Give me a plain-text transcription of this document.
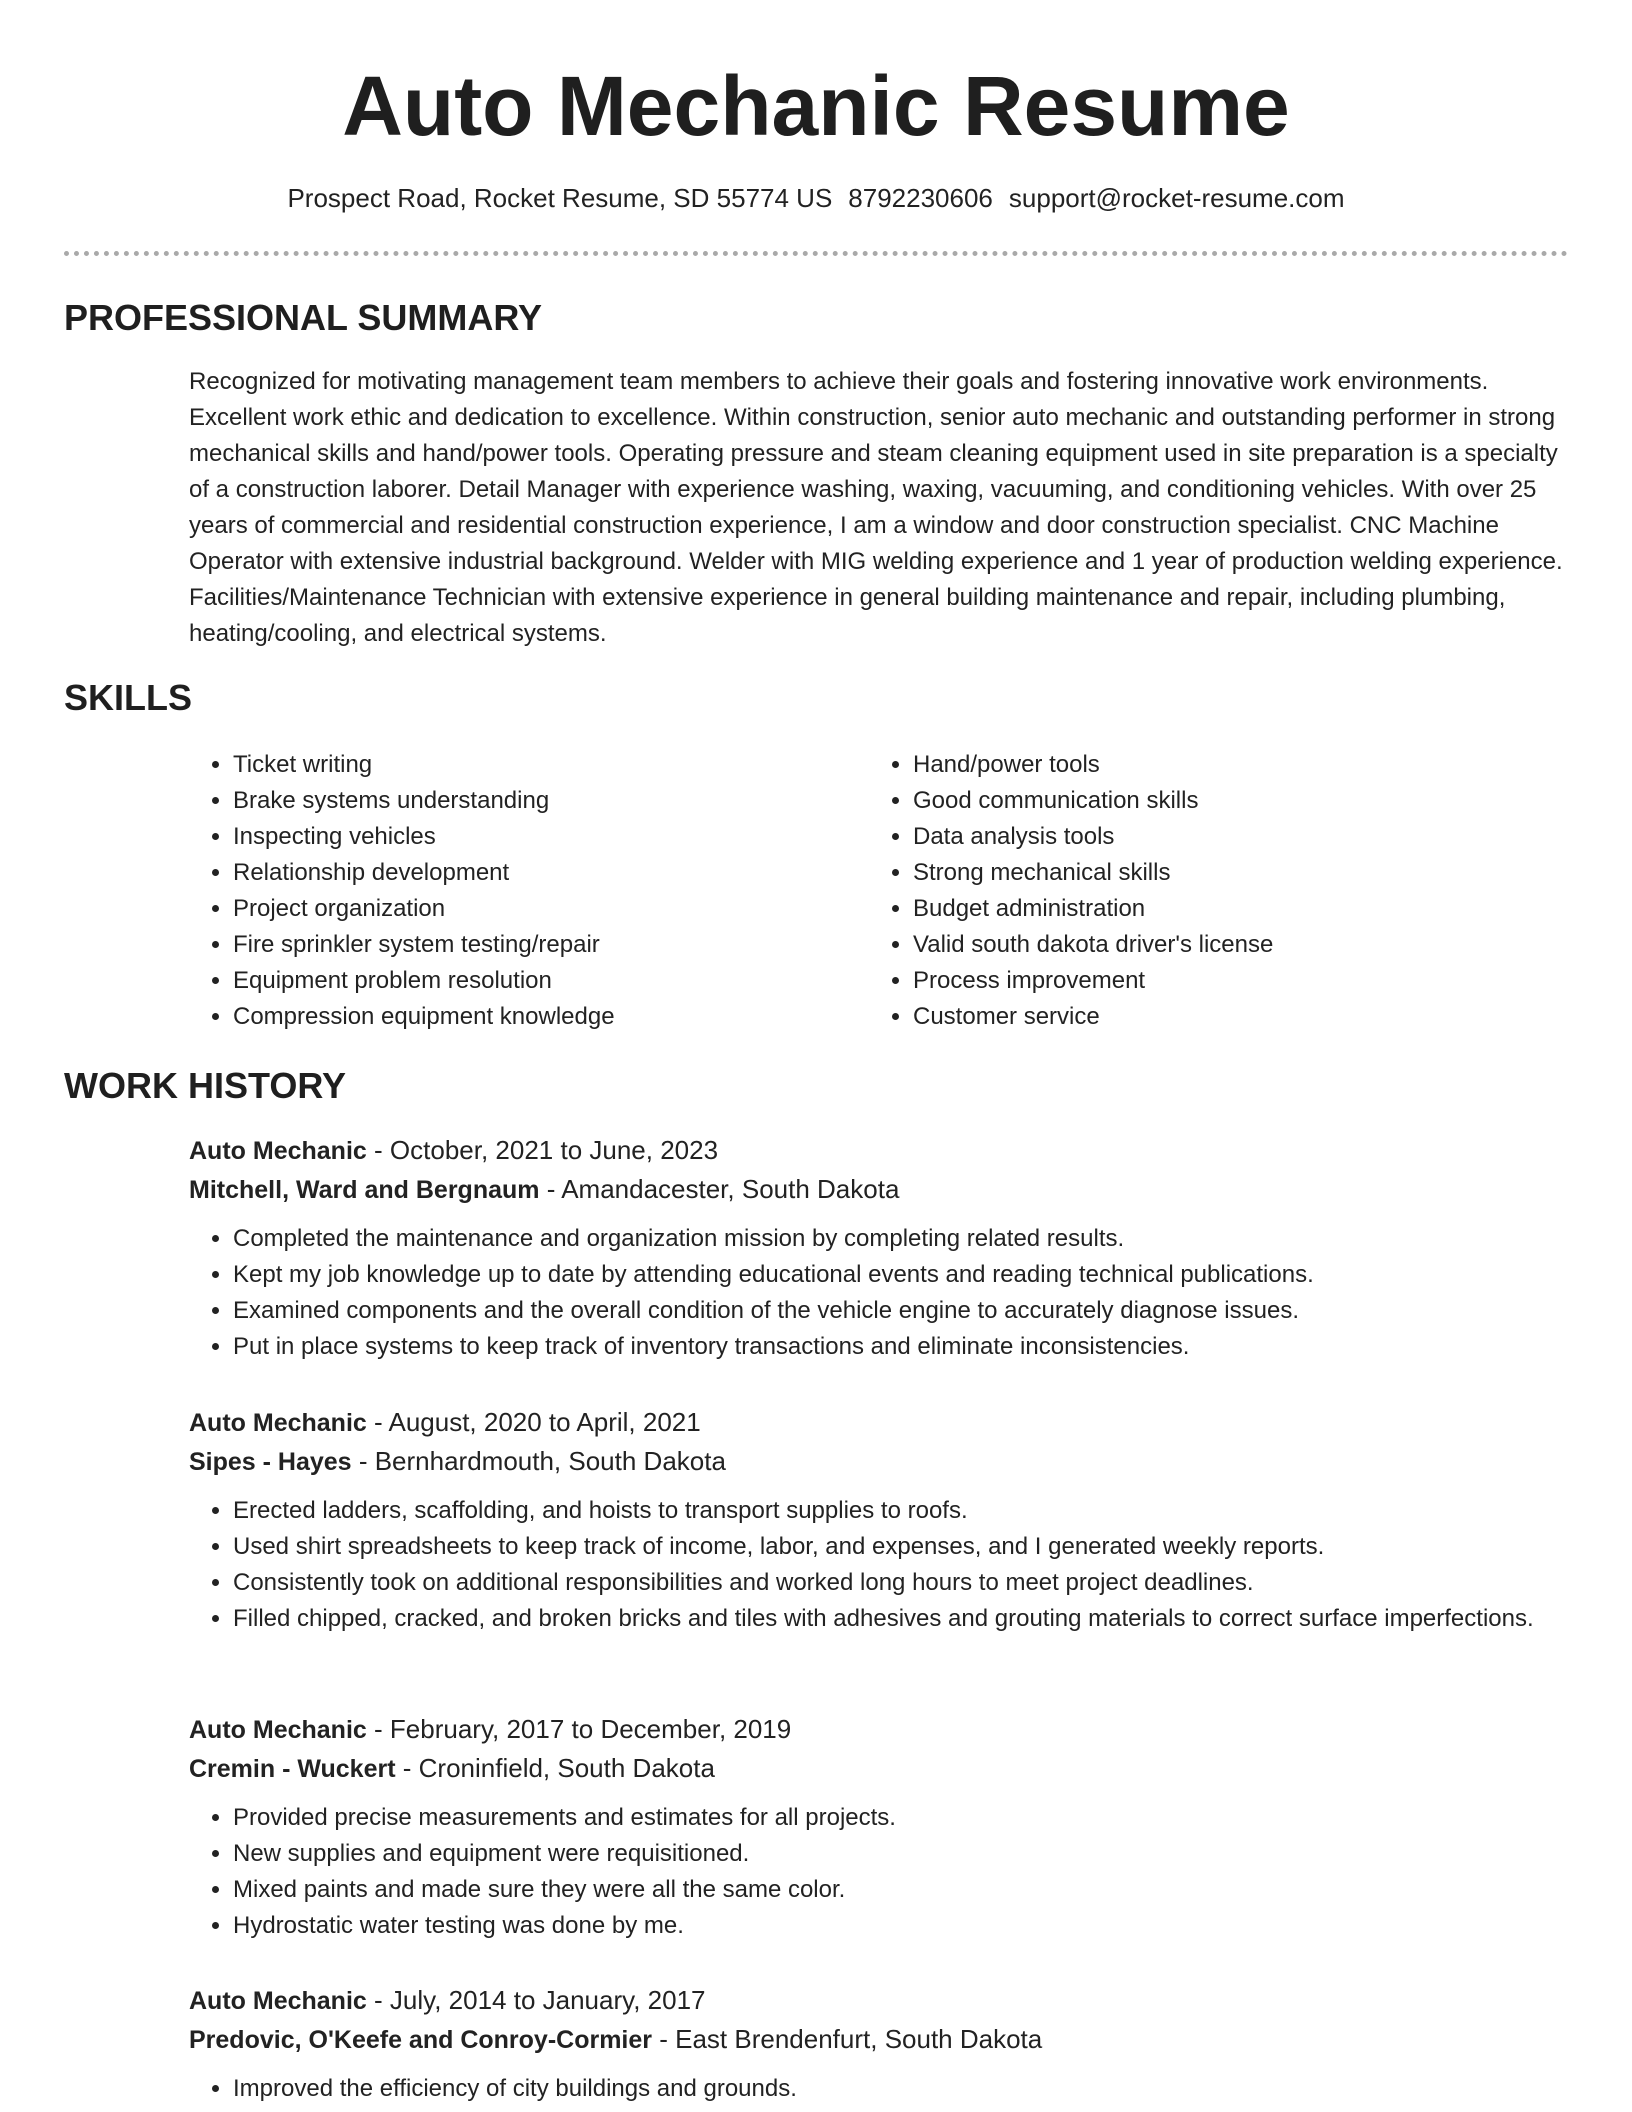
Auto Mechanic Resume
Prospect Road, Rocket Resume, SD 55774 US 8792230606 support@rocket-resume.com
PROFESSIONAL SUMMARY
Recognized for motivating management team members to achieve their goals and fostering innovative work environments. Excellent work ethic and dedication to excellence. Within construction, senior auto mechanic and outstanding performer in strong mechanical skills and hand/power tools. Operating pressure and steam cleaning equipment used in site preparation is a specialty of a construction laborer. Detail Manager with experience washing, waxing, vacuuming, and conditioning vehicles. With over 25 years of commercial and residential construction experience, I am a window and door construction specialist. CNC Machine Operator with extensive industrial background. Welder with MIG welding experience and 1 year of production welding experience. Facilities/Maintenance Technician with extensive experience in general building maintenance and repair, including plumbing, heating/cooling, and electrical systems.
SKILLS
• Ticket writing
• Brake systems understanding
• Inspecting vehicles
• Relationship development
• Project organization
• Fire sprinkler system testing/repair
• Equipment problem resolution
• Compression equipment knowledge
• Hand/power tools
• Good communication skills
• Data analysis tools
• Strong mechanical skills
• Budget administration
• Valid south dakota driver's license
• Process improvement
• Customer service
WORK HISTORY
Auto Mechanic - October, 2021 to June, 2023
Mitchell, Ward and Bergnaum - Amandacester, South Dakota
• Completed the maintenance and organization mission by completing related results.
• Kept my job knowledge up to date by attending educational events and reading technical publications.
• Examined components and the overall condition of the vehicle engine to accurately diagnose issues.
• Put in place systems to keep track of inventory transactions and eliminate inconsistencies.
Auto Mechanic - August, 2020 to April, 2021
Sipes - Hayes - Bernhardmouth, South Dakota
• Erected ladders, scaffolding, and hoists to transport supplies to roofs.
• Used shirt spreadsheets to keep track of income, labor, and expenses, and I generated weekly reports.
• Consistently took on additional responsibilities and worked long hours to meet project deadlines.
• Filled chipped, cracked, and broken bricks and tiles with adhesives and grouting materials to correct surface imperfections.
Auto Mechanic - February, 2017 to December, 2019
Cremin - Wuckert - Croninfield, South Dakota
• Provided precise measurements and estimates for all projects.
• New supplies and equipment were requisitioned.
• Mixed paints and made sure they were all the same color.
• Hydrostatic water testing was done by me.
Auto Mechanic - July, 2014 to January, 2017
Predovic, O'Keefe and Conroy-Cormier - East Brendenfurt, South Dakota
• Improved the efficiency of city buildings and grounds.
